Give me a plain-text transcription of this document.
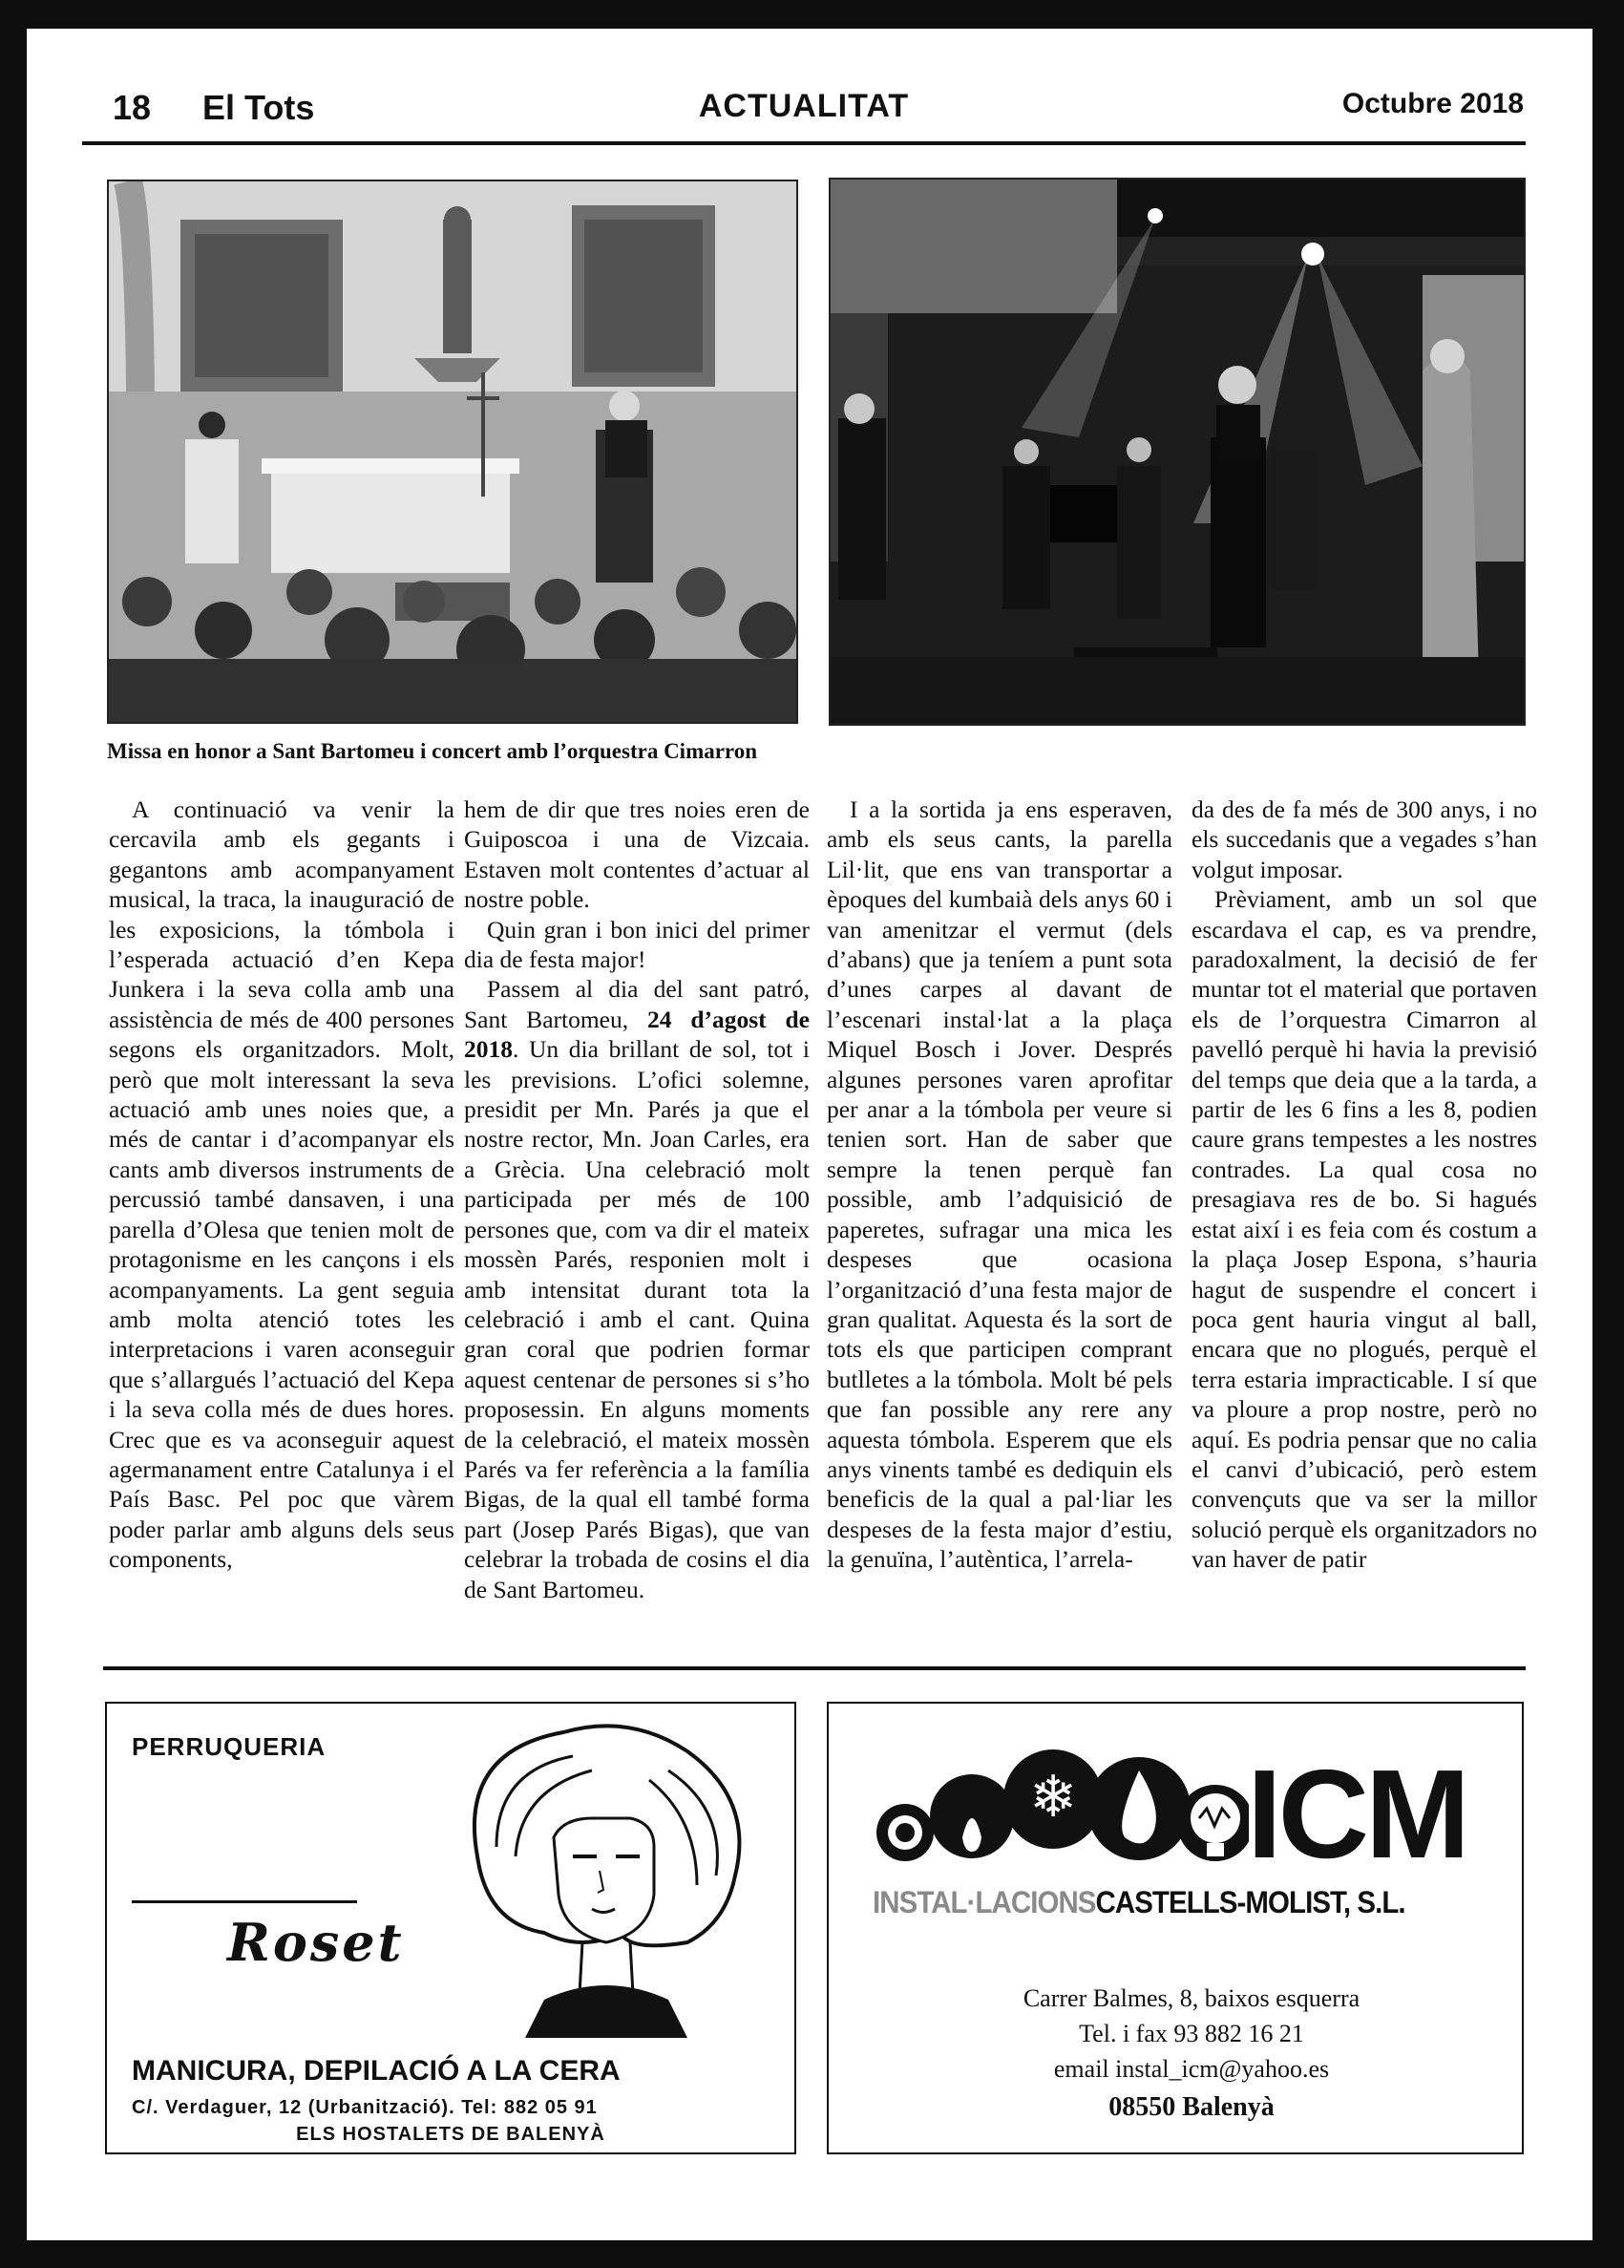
18 El Tots	ACTUALITAT	Octubre 2018
Missa en honor a Sant Bartomeu i concert amb l’orquestra Cimarron

A continuació va venir la cercavila amb els gegants i gegantons amb acompanyament musical, la traca, la inauguració de les exposicions, la tómbola i l’esperada actuació d’en Kepa Junkera i la seva colla amb una assistència de més de 400 persones segons els organitzadors. Molt, però que molt interessant la seva actuació amb unes noies que, a més de cantar i d’acompanyar els cants amb diversos instruments de percussió també dansaven, i una parella d’Olesa que tenien molt de protagonisme en les cançons i els acompanyaments. La gent seguia amb molta atenció totes les interpretacions i varen aconseguir que s’allargués l’actuació del Kepa i la seva colla més de dues hores. Crec que es va aconseguir aquest agermanament entre Catalunya i el País Basc. Pel poc que vàrem poder parlar amb alguns dels seus components,

hem de dir que tres noies eren de Guiposcoa i una de Vizcaia. Estaven molt contentes d’actuar al nostre poble.

Quin gran i bon inici del primer dia de festa major!

Passem al dia del sant patró, Sant Bartomeu, 24 d’agost de 2018. Un dia brillant de sol, tot i les previsions. L’ofici solemne, presidit per Mn. Parés ja que el nostre rector, Mn. Joan Carles, era a Grècia. Una celebració molt participada per més de 100 persones que, com va dir el mateix mossèn Parés, responien molt i amb intensitat durant tota la celebració i amb el cant. Quina gran coral que podrien formar aquest centenar de persones si s’ho proposessin. En alguns moments de la celebració, el mateix mossèn Parés va fer referència a la família Bigas, de la qual ell també forma part (Josep Parés Bigas), que van celebrar la trobada de cosins el dia de Sant Bartomeu.

I a la sortida ja ens esperaven, amb els seus cants, la parella Lil·lit, que ens van transportar a èpoques del kumbaià dels anys 60 i van amenitzar el vermut (dels d’abans) que ja teníem a punt sota d’unes carpes al davant de l’escenari instal·lat a la plaça Miquel Bosch i Jover. Després algunes persones varen aprofitar per anar a la tómbola per veure si tenien sort. Han de saber que sempre la tenen perquè fan possible, amb l’adquisició de paperetes, sufragar una mica les despeses que ocasiona l’organització d’una festa major de gran qualitat. Aquesta és la sort de tots els que participen comprant butlletes a la tómbola. Molt bé pels que fan possible any rere any aquesta tómbola. Esperem que els anys vinents també es dediquin els beneficis de la qual a pal·liar les despeses de la festa major d’estiu, la genuïna, l’autèntica, l’arrela-

da des de fa més de 300 anys, i no els succedanis que a vegades s’han volgut imposar.

Prèviament, amb un sol que escardava el cap, es va prendre, paradoxalment, la decisió de fer muntar tot el material que portaven els de l’orquestra Cimarron al pavelló perquè hi havia la previsió del temps que deia que a la tarda, a partir de les 6 fins a les 8, podien caure grans tempestes a les nostres contrades. La qual cosa no presagiava res de bo. Si hagués estat així i es feia com és costum a la plaça Josep Espona, s’hauria hagut de suspendre el concert i poca gent hauria vingut al ball, encara que no plogués, perquè el terra estaria impracticable. I sí que va ploure a prop nostre, però no aquí. Es podria pensar que no calia el canvi d’ubicació, però estem convençuts que va ser la millor solució perquè els organitzadors no van haver de patir

PERRUQUERIA
Roset
MANICURA, DEPILACIÓ A LA CERA
C/. Verdaguer, 12 (Urbanització). Tel: 882 05 91
ELS HOSTALETS DE BALENYÀ
❄ ICM
INSTAL·LACIONSCASTELLS-MOLIST, S.L.
Carrer Balmes, 8, baixos esquerra
Tel. i fax 93 882 16 21
email instal_icm@yahoo.es
08550 Balenyà
